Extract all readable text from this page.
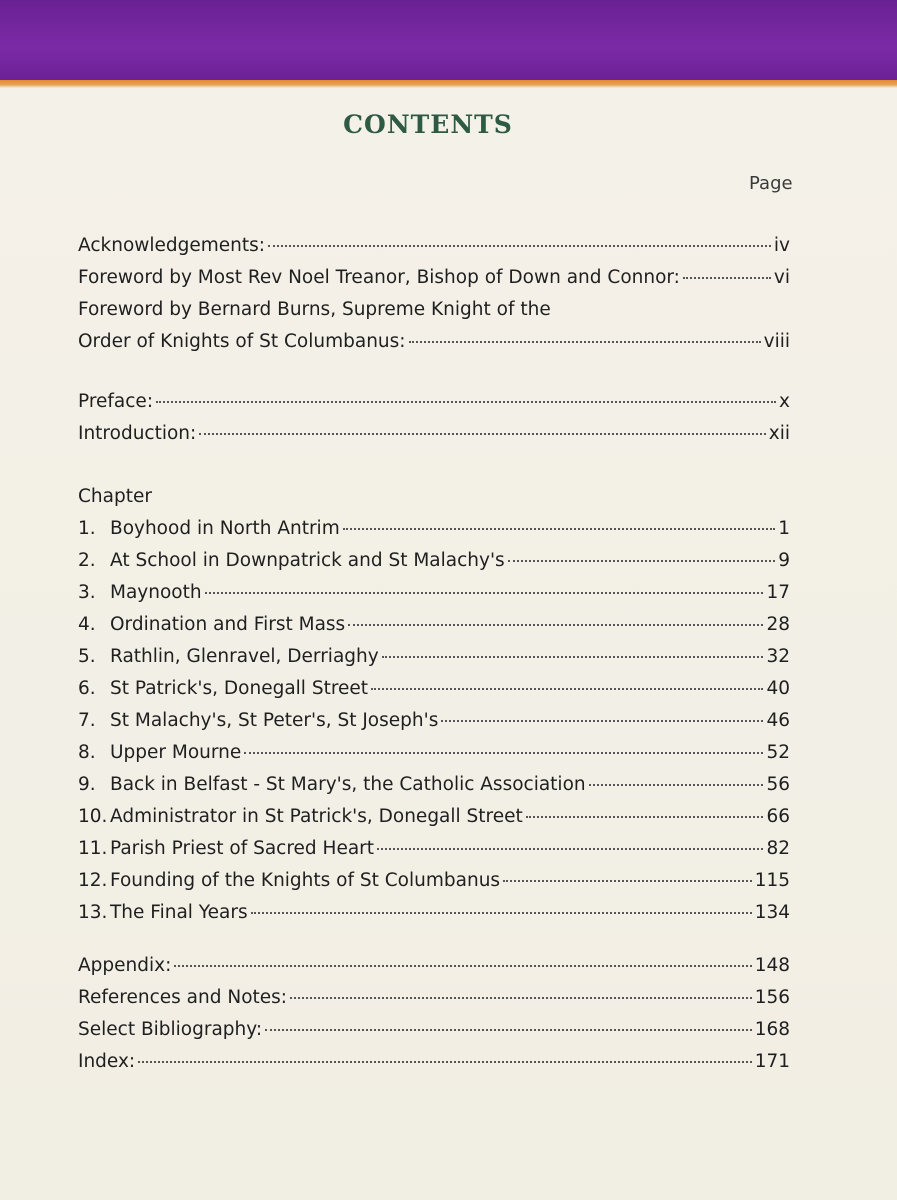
CONTENTS
Page
Acknowledgements:	iv
Foreword by Most Rev Noel Treanor, Bishop of Down and Connor:	vi
Foreword by Bernard Burns, Supreme Knight of the
Order of Knights of St Columbanus:	viii
Preface:	x
Introduction:	xii
Chapter
1. Boyhood in North Antrim	1
2. At School in Downpatrick and St Malachy's	9
3. Maynooth	17
4. Ordination and First Mass	28
5. Rathlin, Glenravel, Derriaghy	32
6. St Patrick's, Donegall Street	40
7. St Malachy's, St Peter's, St Joseph's	46
8. Upper Mourne	52
9. Back in Belfast - St Mary's, the Catholic Association	56
10. Administrator in St Patrick's, Donegall Street	66
11. Parish Priest of Sacred Heart	82
12. Founding of the Knights of St Columbanus	115
13. The Final Years	134
Appendix:	148
References and Notes:	156
Select Bibliography:	168
Index:	171
